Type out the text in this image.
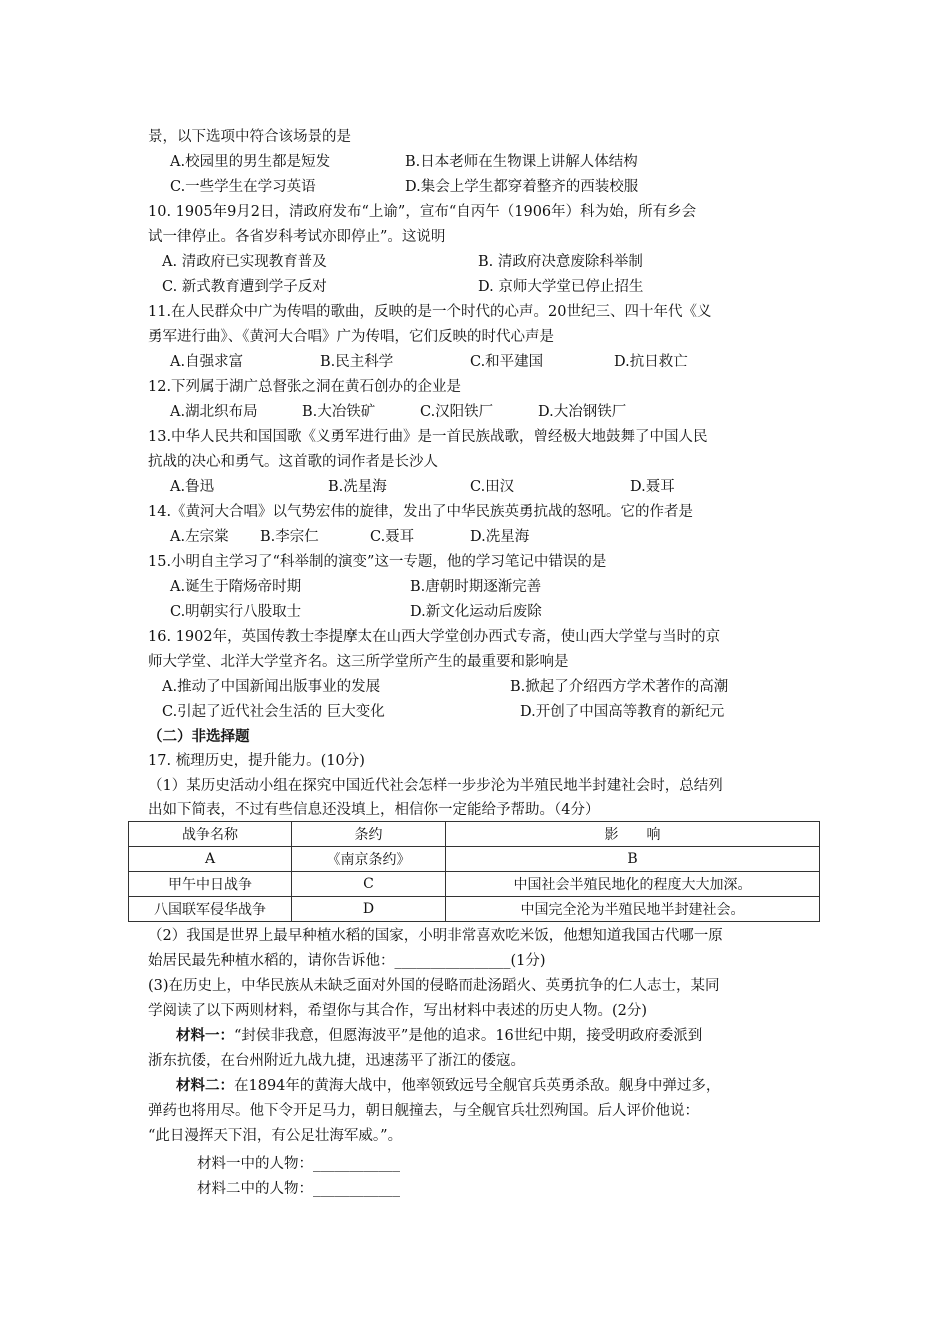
景，以下选项中符合该场景的是
A.校园里的男生都是短发	B.日本老师在生物课上讲解人体结构
C.一些学生在学习英语	D.集会上学生都穿着整齐的西装校服
10. 1905年9月2日，清政府发布“上谕”，宣布“自丙午（1906年）科为始，所有乡会
试一律停止。各省岁科考试亦即停止”。这说明
A. 清政府已实现教育普及	B. 清政府决意废除科举制
C. 新式教育遭到学子反对	D. 京师大学堂已停止招生
11.在人民群众中广为传唱的歌曲，反映的是一个时代的心声。20世纪三、四十年代《义
勇军进行曲》、《黄河大合唱》广为传唱，它们反映的时代心声是
A.自强求富	B.民主科学	C.和平建国	D.抗日救亡
12.下列属于湖广总督张之洞在黄石创办的企业是
A.湖北织布局	B.大冶铁矿	C.汉阳铁厂	D.大冶钢铁厂
13.中华人民共和国国歌《义勇军进行曲》是一首民族战歌，曾经极大地鼓舞了中国人民
抗战的决心和勇气。这首歌的词作者是长沙人
A.鲁迅	B.冼星海	C.田汉	D.聂耳
14.《黄河大合唱》以气势宏伟的旋律，发出了中华民族英勇抗战的怒吼。它的作者是
A.左宗棠 B.李宗仁	C.聂耳	D.冼星海
15.小明自主学习了“科举制的演变”这一专题，他的学习笔记中错误的是
A.诞生于隋炀帝时期	B.唐朝时期逐渐完善
C.明朝实行八股取士	D.新文化运动后废除
16. 1902年，英国传教士李提摩太在山西大学堂创办西式专斋，使山西大学堂与当时的京
师大学堂、北洋大学堂齐名。这三所学堂所产生的最重要和影响是
A.推动了中国新闻出版事业的发展	B.掀起了介绍西方学术著作的高潮
C.引起了近代社会生活的 巨大变化	D.开创了中国高等教育的新纪元
（二）非选择题
17. 梳理历史，提升能力。(10分)
（1）某历史活动小组在探究中国近代社会怎样一步步沦为半殖民地半封建社会时，总结列
出如下简表，不过有些信息还没填上，相信你一定能给予帮助。（4分）
战争名称	条约	影　　响
A	《南京条约》	B
甲午中日战争	C	中国社会半殖民地化的程度大大加深。
八国联军侵华战争	D	中国完全沦为半殖民地半封建社会。
（2）我国是世界上最早种植水稻的国家，小明非常喜欢吃米饭，他想知道我国古代哪一原
始居民最先种植水稻的，请你告诉他：________________(1分)
(3)在历史上，中华民族从未缺乏面对外国的侵略而赴汤蹈火、英勇抗争的仁人志士，某同
学阅读了以下两则材料，希望你与其合作，写出材料中表述的历史人物。(2分)
材料一：“封侯非我意，但愿海波平”是他的追求。16世纪中期，接受明政府委派到
浙东抗倭，在台州附近九战九捷，迅速荡平了浙江的倭寇。
材料二：在1894年的黄海大战中，他率领致远号全舰官兵英勇杀敌。舰身中弹过多，
弹药也将用尽。他下令开足马力，朝日舰撞去，与全舰官兵壮烈殉国。后人评价他说：
“此日漫挥天下泪，有公足壮海军威。”。
材料一中的人物：____________
材料二中的人物：____________
